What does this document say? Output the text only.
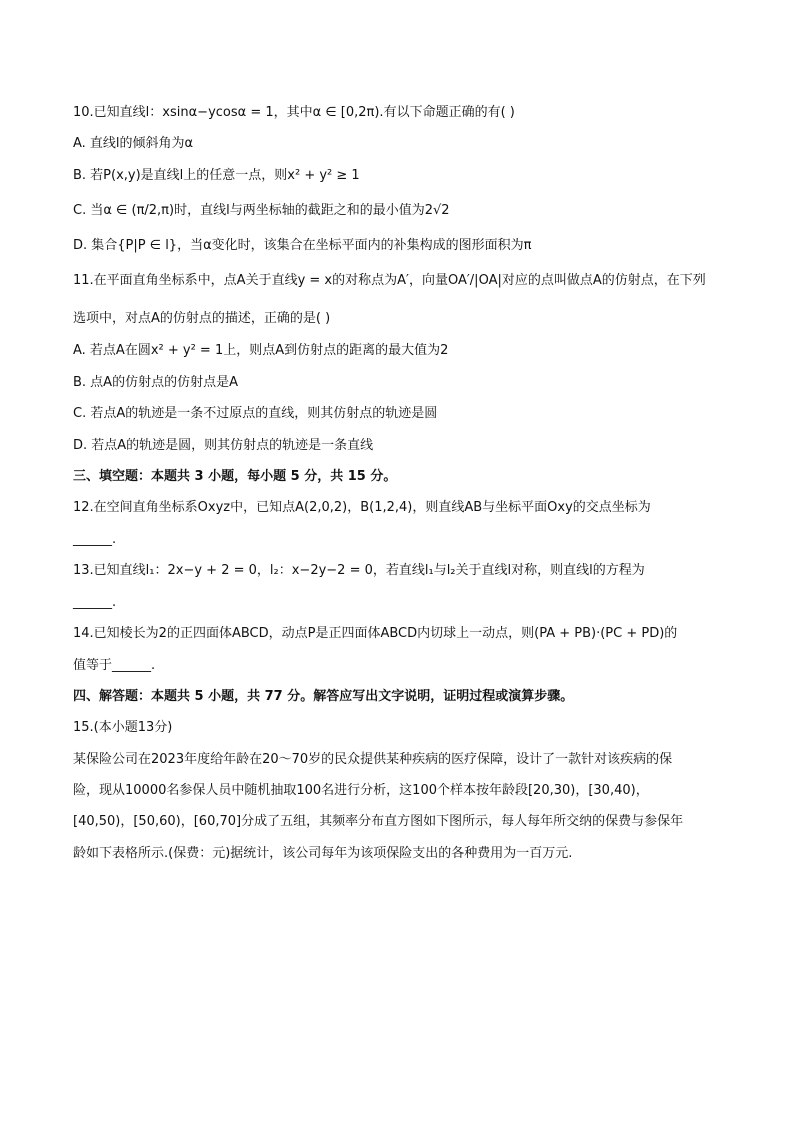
10.已知直线l：xsinα−ycosα = 1，其中α ∈ [0,2π).有以下命题正确的有( )
A. 直线l的倾斜角为α
B. 若P(x,y)是直线l上的任意一点，则x² + y² ≥ 1
C. 当α ∈ (π/2,π)时，直线l与两坐标轴的截距之和的最小值为2√2
D. 集合{P|P ∈ l}，当α变化时，该集合在坐标平面内的补集构成的图形面积为π
11.在平面直角坐标系中，点A关于直线y = x的对称点为A′，向量OA′/|OA|对应的点叫做点A的仿射点，在下列
选项中，对点A的仿射点的描述，正确的是( )
A. 若点A在圆x² + y² = 1上，则点A到仿射点的距离的最大值为2
B. 点A的仿射点的仿射点是A
C. 若点A的轨迹是一条不过原点的直线，则其仿射点的轨迹是圆
D. 若点A的轨迹是圆，则其仿射点的轨迹是一条直线
三、填空题：本题共 3 小题，每小题 5 分，共 15 分。
12.在空间直角坐标系Oxyz中，已知点A(2,0,2)，B(1,2,4)，则直线AB与坐标平面Oxy的交点坐标为
______.
13.已知直线l₁：2x−y + 2 = 0，l₂：x−2y−2 = 0，若直线l₁与l₂关于直线l对称，则直线l的方程为
______.
14.已知棱长为2的正四面体ABCD，动点P是正四面体ABCD内切球上一动点，则(PA + PB)·(PC + PD)的
值等于______.
四、解答题：本题共 5 小题，共 77 分。解答应写出文字说明，证明过程或演算步骤。
15.(本小题13分)
某保险公司在2023年度给年龄在20～70岁的民众提供某种疾病的医疗保障，设计了一款针对该疾病的保
险，现从10000名参保人员中随机抽取100名进行分析，这100个样本按年龄段[20,30)，[30,40)，
[40,50)，[50,60)，[60,70]分成了五组，其频率分布直方图如下图所示，每人每年所交纳的保费与参保年
龄如下表格所示.(保费：元)据统计，该公司每年为该项保险支出的各种费用为一百万元.
